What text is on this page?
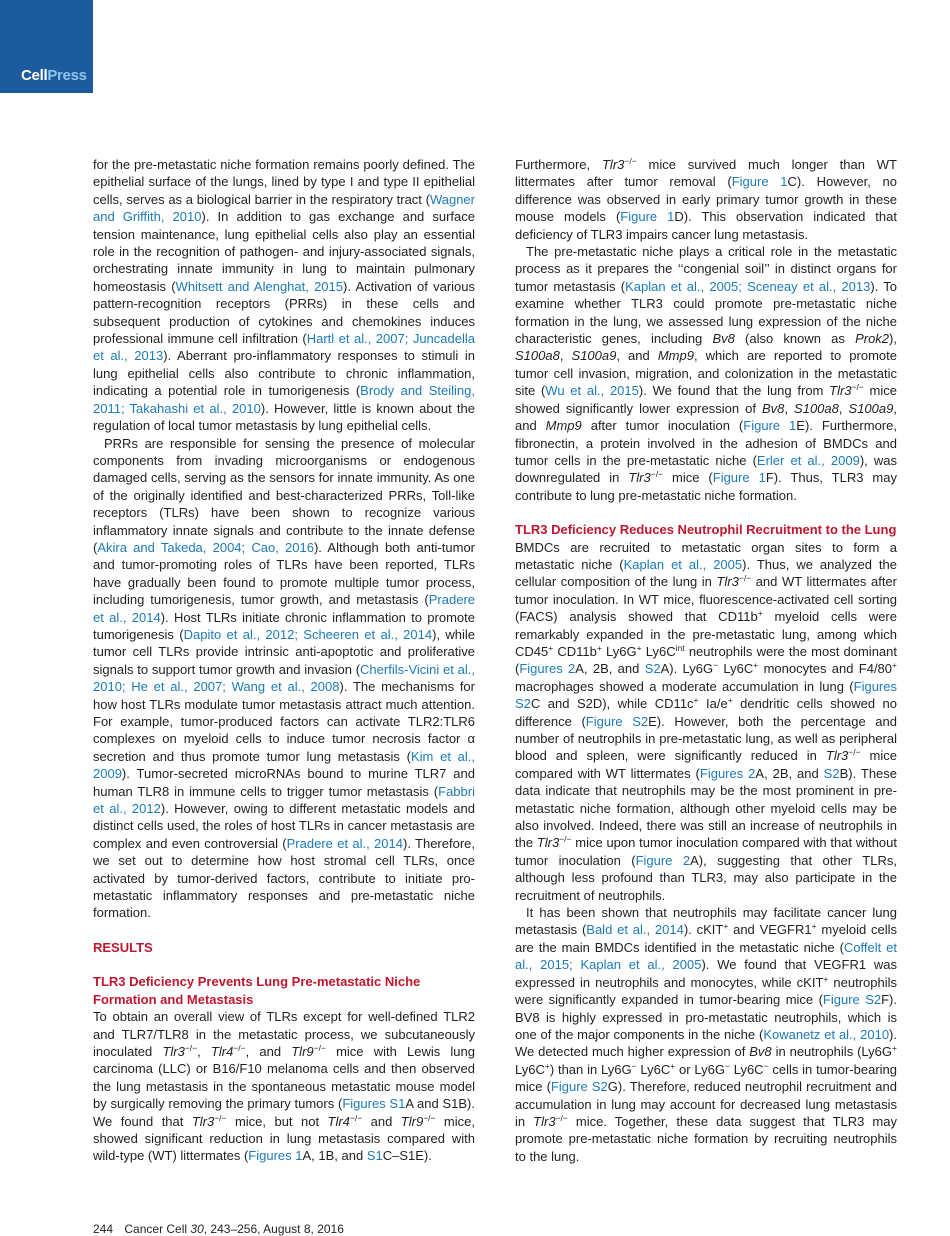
CellPress

for the pre-metastatic niche formation remains poorly defined. The epithelial surface of the lungs, lined by type I and type II epithelial cells, serves as a biological barrier in the respiratory tract (Wagner and Griffith, 2010). In addition to gas exchange and surface tension maintenance, lung epithelial cells also play an essential role in the recognition of pathogen- and injury-associated signals, orchestrating innate immunity in lung to maintain pulmonary homeostasis (Whitsett and Alenghat, 2015). Activation of various pattern-recognition receptors (PRRs) in these cells and subsequent production of cytokines and chemokines induces professional immune cell infiltration (Hartl et al., 2007; Juncadella et al., 2013). Aberrant pro-inflammatory responses to stimuli in lung epithelial cells also contribute to chronic inflammation, indicating a potential role in tumorigenesis (Brody and Steiling, 2011; Takahashi et al., 2010). However, little is known about the regulation of local tumor metastasis by lung epithelial cells.

PRRs are responsible for sensing the presence of molecular components from invading microorganisms or endogenous damaged cells, serving as the sensors for innate immunity. As one of the originally identified and best-characterized PRRs, Toll-like receptors (TLRs) have been shown to recognize various inflammatory innate signals and contribute to the innate defense (Akira and Takeda, 2004; Cao, 2016). Although both anti-tumor and tumor-promoting roles of TLRs have been reported, TLRs have gradually been found to promote multiple tumor process, including tumorigenesis, tumor growth, and metastasis (Pradere et al., 2014). Host TLRs initiate chronic inflammation to promote tumorigenesis (Dapito et al., 2012; Scheeren et al., 2014), while tumor cell TLRs provide intrinsic anti-apoptotic and proliferative signals to support tumor growth and invasion (Cherfils-Vicini et al., 2010; He et al., 2007; Wang et al., 2008). The mechanisms for how host TLRs modulate tumor metastasis attract much attention. For example, tumor-produced factors can activate TLR2:TLR6 complexes on myeloid cells to induce tumor necrosis factor α secretion and thus promote tumor lung metastasis (Kim et al., 2009). Tumor-secreted microRNAs bound to murine TLR7 and human TLR8 in immune cells to trigger tumor metastasis (Fabbri et al., 2012). However, owing to different metastatic models and distinct cells used, the roles of host TLRs in cancer metastasis are complex and even controversial (Pradere et al., 2014). Therefore, we set out to determine how host stromal cell TLRs, once activated by tumor-derived factors, contribute to initiate pro-metastatic inflammatory responses and pre-metastatic niche formation.

RESULTS
TLR3 Deficiency Prevents Lung Pre-metastatic Niche Formation and Metastasis

To obtain an overall view of TLRs except for well-defined TLR2 and TLR7/TLR8 in the metastatic process, we subcutaneously inoculated Tlr3−/−, Tlr4−/−, and Tlr9−/− mice with Lewis lung carcinoma (LLC) or B16/F10 melanoma cells and then observed the lung metastasis in the spontaneous metastatic mouse model by surgically removing the primary tumors (Figures S1A and S1B). We found that Tlr3−/− mice, but not Tlr4−/− and Tlr9−/− mice, showed significant reduction in lung metastasis compared with wild-type (WT) littermates (Figures 1A, 1B, and S1C–S1E).

Furthermore, Tlr3−/− mice survived much longer than WT littermates after tumor removal (Figure 1C). However, no difference was observed in early primary tumor growth in these mouse models (Figure 1D). This observation indicated that deficiency of TLR3 impairs cancer lung metastasis.

The pre-metastatic niche plays a critical role in the metastatic process as it prepares the ‘‘congenial soil’’ in distinct organs for tumor metastasis (Kaplan et al., 2005; Sceneay et al., 2013). To examine whether TLR3 could promote pre-metastatic niche formation in the lung, we assessed lung expression of the niche characteristic genes, including Bv8 (also known as Prok2), S100a8, S100a9, and Mmp9, which are reported to promote tumor cell invasion, migration, and colonization in the metastatic site (Wu et al., 2015). We found that the lung from Tlr3−/− mice showed significantly lower expression of Bv8, S100a8, S100a9, and Mmp9 after tumor inoculation (Figure 1E). Furthermore, fibronectin, a protein involved in the adhesion of BMDCs and tumor cells in the pre-metastatic niche (Erler et al., 2009), was downregulated in Tlr3−/− mice (Figure 1F). Thus, TLR3 may contribute to lung pre-metastatic niche formation.

TLR3 Deficiency Reduces Neutrophil Recruitment to the Lung

BMDCs are recruited to metastatic organ sites to form a metastatic niche (Kaplan et al., 2005). Thus, we analyzed the cellular composition of the lung in Tlr3−/− and WT littermates after tumor inoculation. In WT mice, fluorescence-activated cell sorting (FACS) analysis showed that CD11b+ myeloid cells were remarkably expanded in the pre-metastatic lung, among which CD45+ CD11b+ Ly6G+ $Ly6C^{int}$ neutrophils were the most dominant (Figures 2A, 2B, and S2A). Ly6G− Ly6C+ monocytes and F4/80+ macrophages showed a moderate accumulation in lung (Figures S2C and S2D), while CD11c+ Ia/e+ dendritic cells showed no difference (Figure S2E). However, both the percentage and number of neutrophils in pre-metastatic lung, as well as peripheral blood and spleen, were significantly reduced in Tlr3−/− mice compared with WT littermates (Figures 2A, 2B, and S2B). These data indicate that neutrophils may be the most prominent in pre-metastatic niche formation, although other myeloid cells may be also involved. Indeed, there was still an increase of neutrophils in the Tlr3−/− mice upon tumor inoculation compared with that without tumor inoculation (Figure 2A), suggesting that other TLRs, although less profound than TLR3, may also participate in the recruitment of neutrophils.

It has been shown that neutrophils may facilitate cancer lung metastasis (Bald et al., 2014). cKIT+ and VEGFR1+ myeloid cells are the main BMDCs identified in the metastatic niche (Coffelt et al., 2015; Kaplan et al., 2005). We found that VEGFR1 was expressed in neutrophils and monocytes, while cKIT+ neutrophils were significantly expanded in tumor-bearing mice (Figure S2F). BV8 is highly expressed in pro-metastatic neutrophils, which is one of the major components in the niche (Kowanetz et al., 2010). We detected much higher expression of Bv8 in neutrophils (Ly6G+ Ly6C+) than in Ly6G− Ly6C+ or Ly6G− Ly6C− cells in tumor-bearing mice (Figure S2G). Therefore, reduced neutrophil recruitment and accumulation in lung may account for decreased lung metastasis in Tlr3−/− mice. Together, these data suggest that TLR3 may promote pre-metastatic niche formation by recruiting neutrophils to the lung.

244 Cancer Cell 30, 243–256, August 8, 2016
